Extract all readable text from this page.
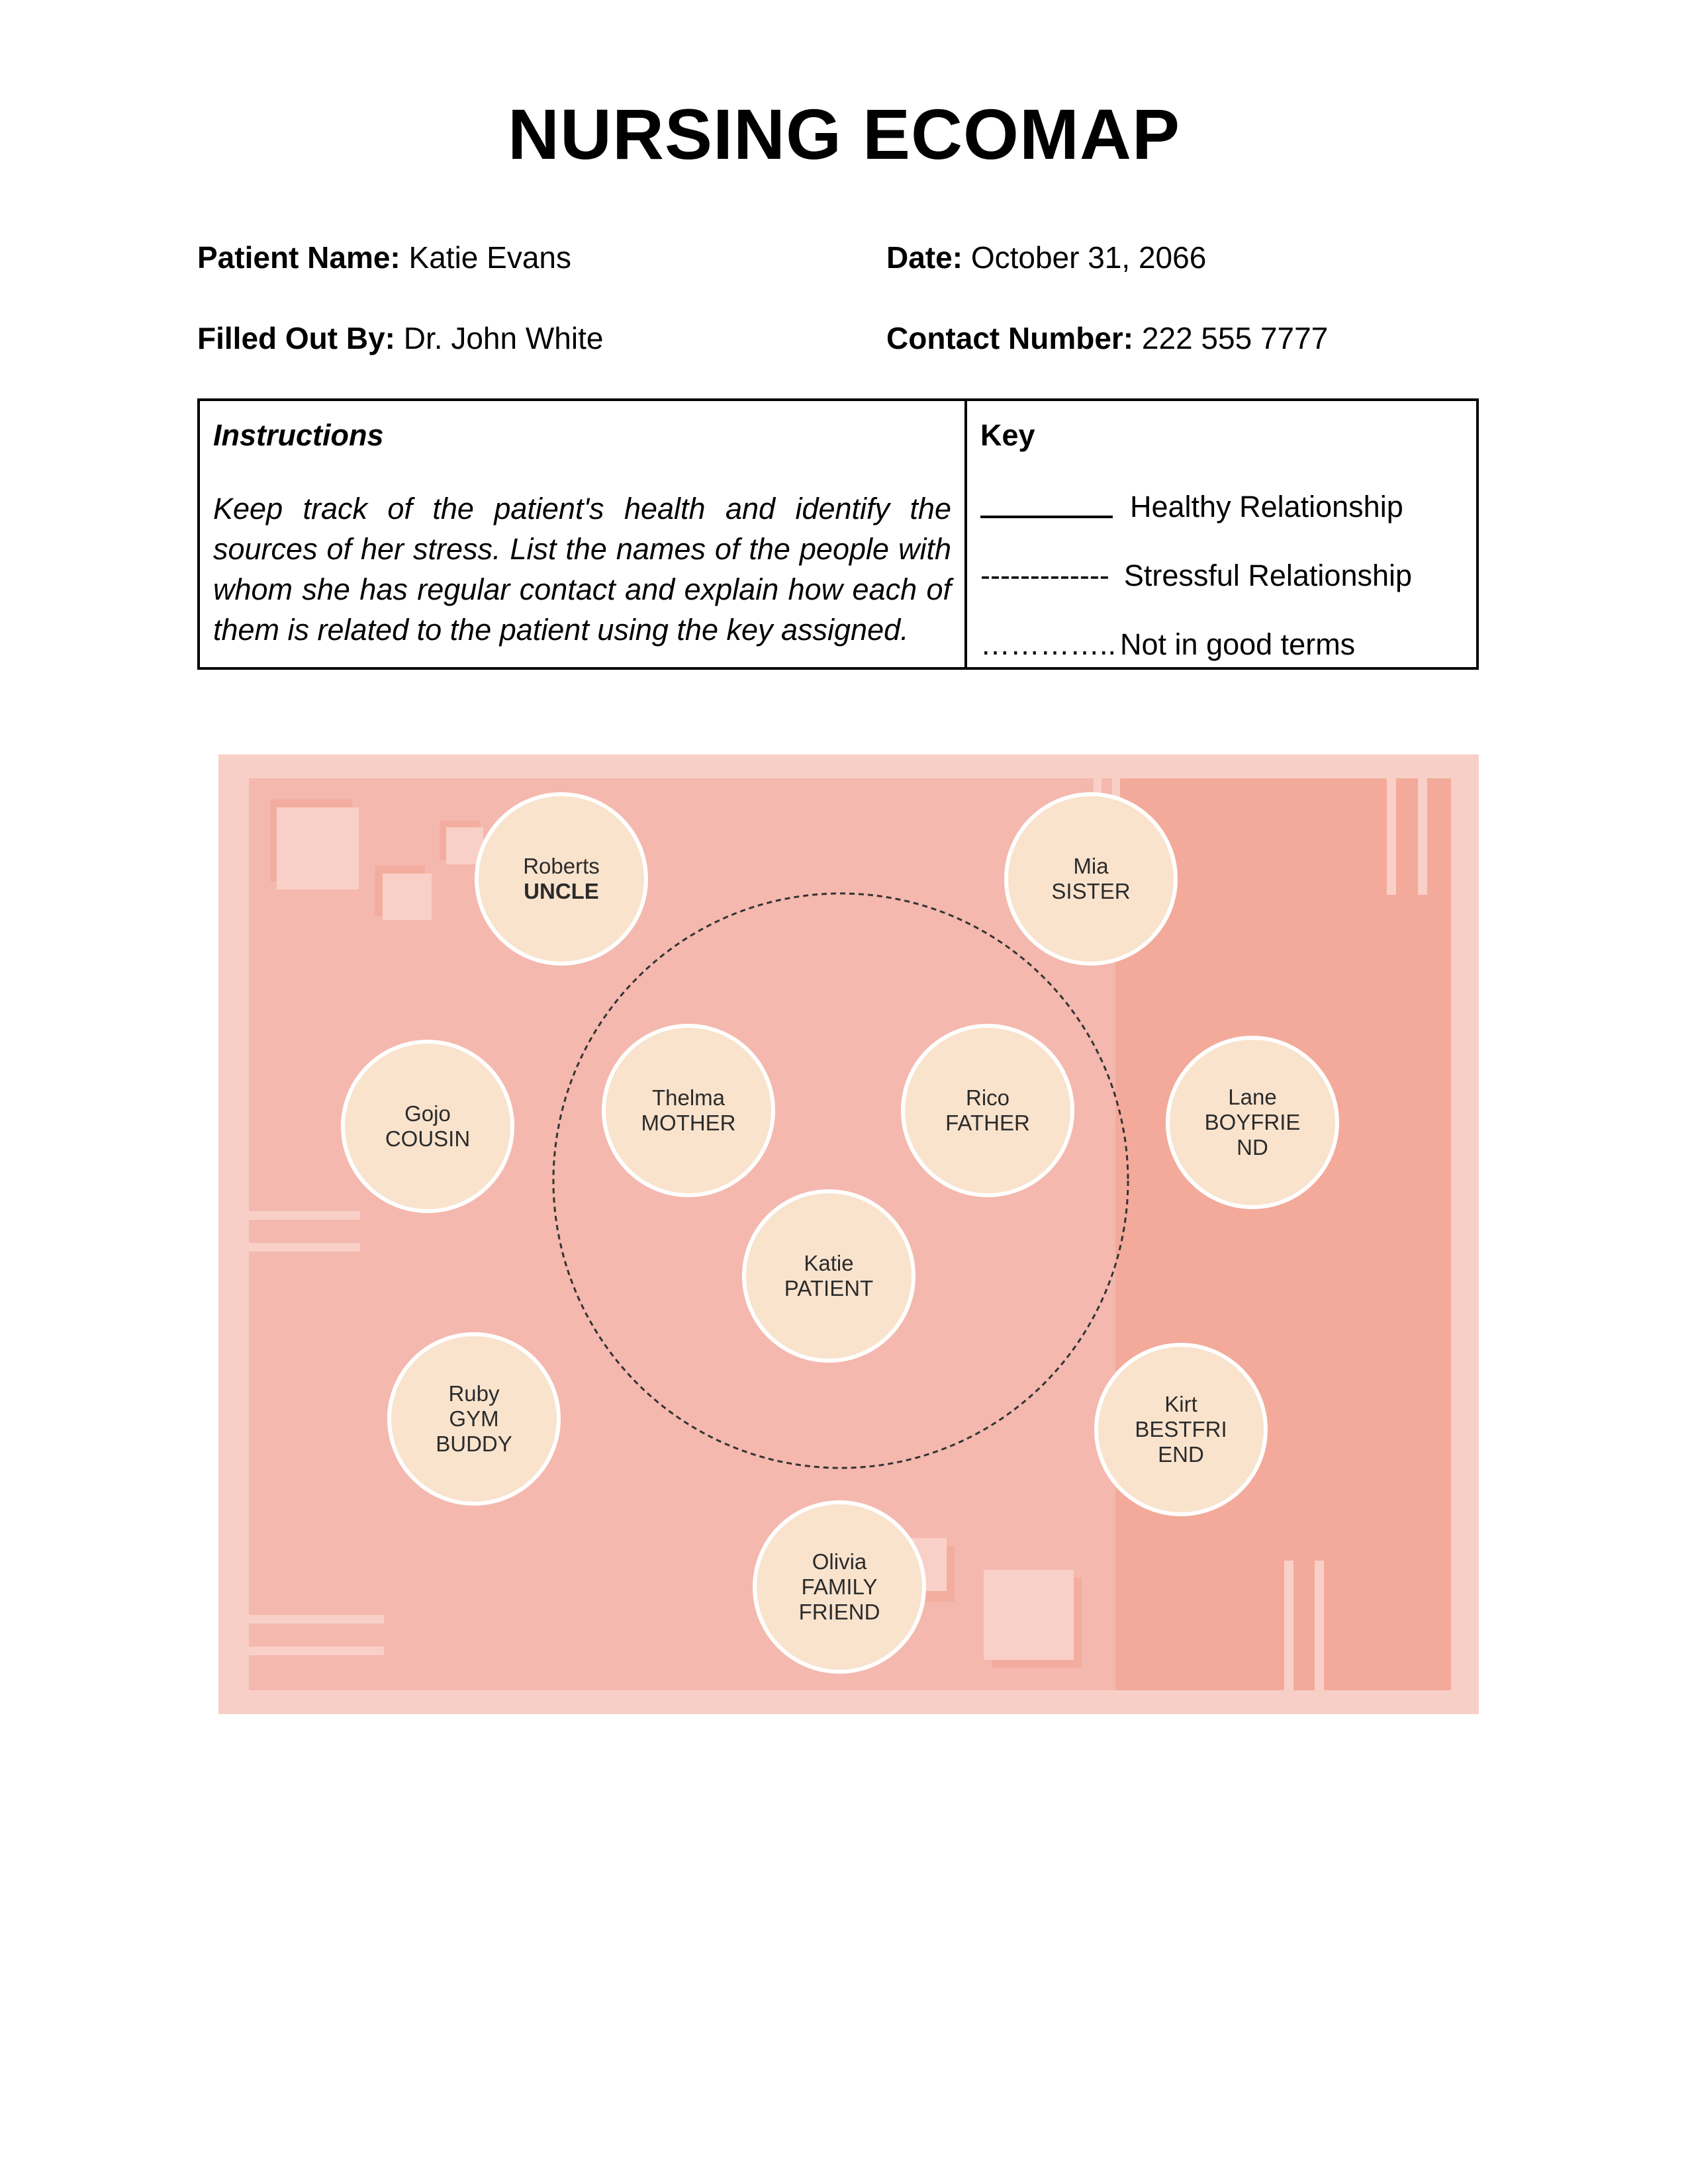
NURSING ECOMAP
Patient Name: Katie Evans	Date: October 31, 2066
Filled Out By: Dr. John White	Contact Number: 222 555 7777

Instructions

Keep track of the patient's health and identify the sources of her stress. List the names of the people with whom she has regular contact and explain how each of them is related to the patient using the key assigned.

Key

Healthy Relationship
------------- Stressful Relationship
………….. Not in good terms
Roberts
UNCLE
Mia
SISTER
Gojo
COUSIN
Thelma
MOTHER
Rico
FATHER
Lane
BOYFRIE
ND
Katie
PATIENT
Ruby
GYM
BUDDY
Kirt
BESTFRI
END
Olivia
FAMILY
FRIEND
